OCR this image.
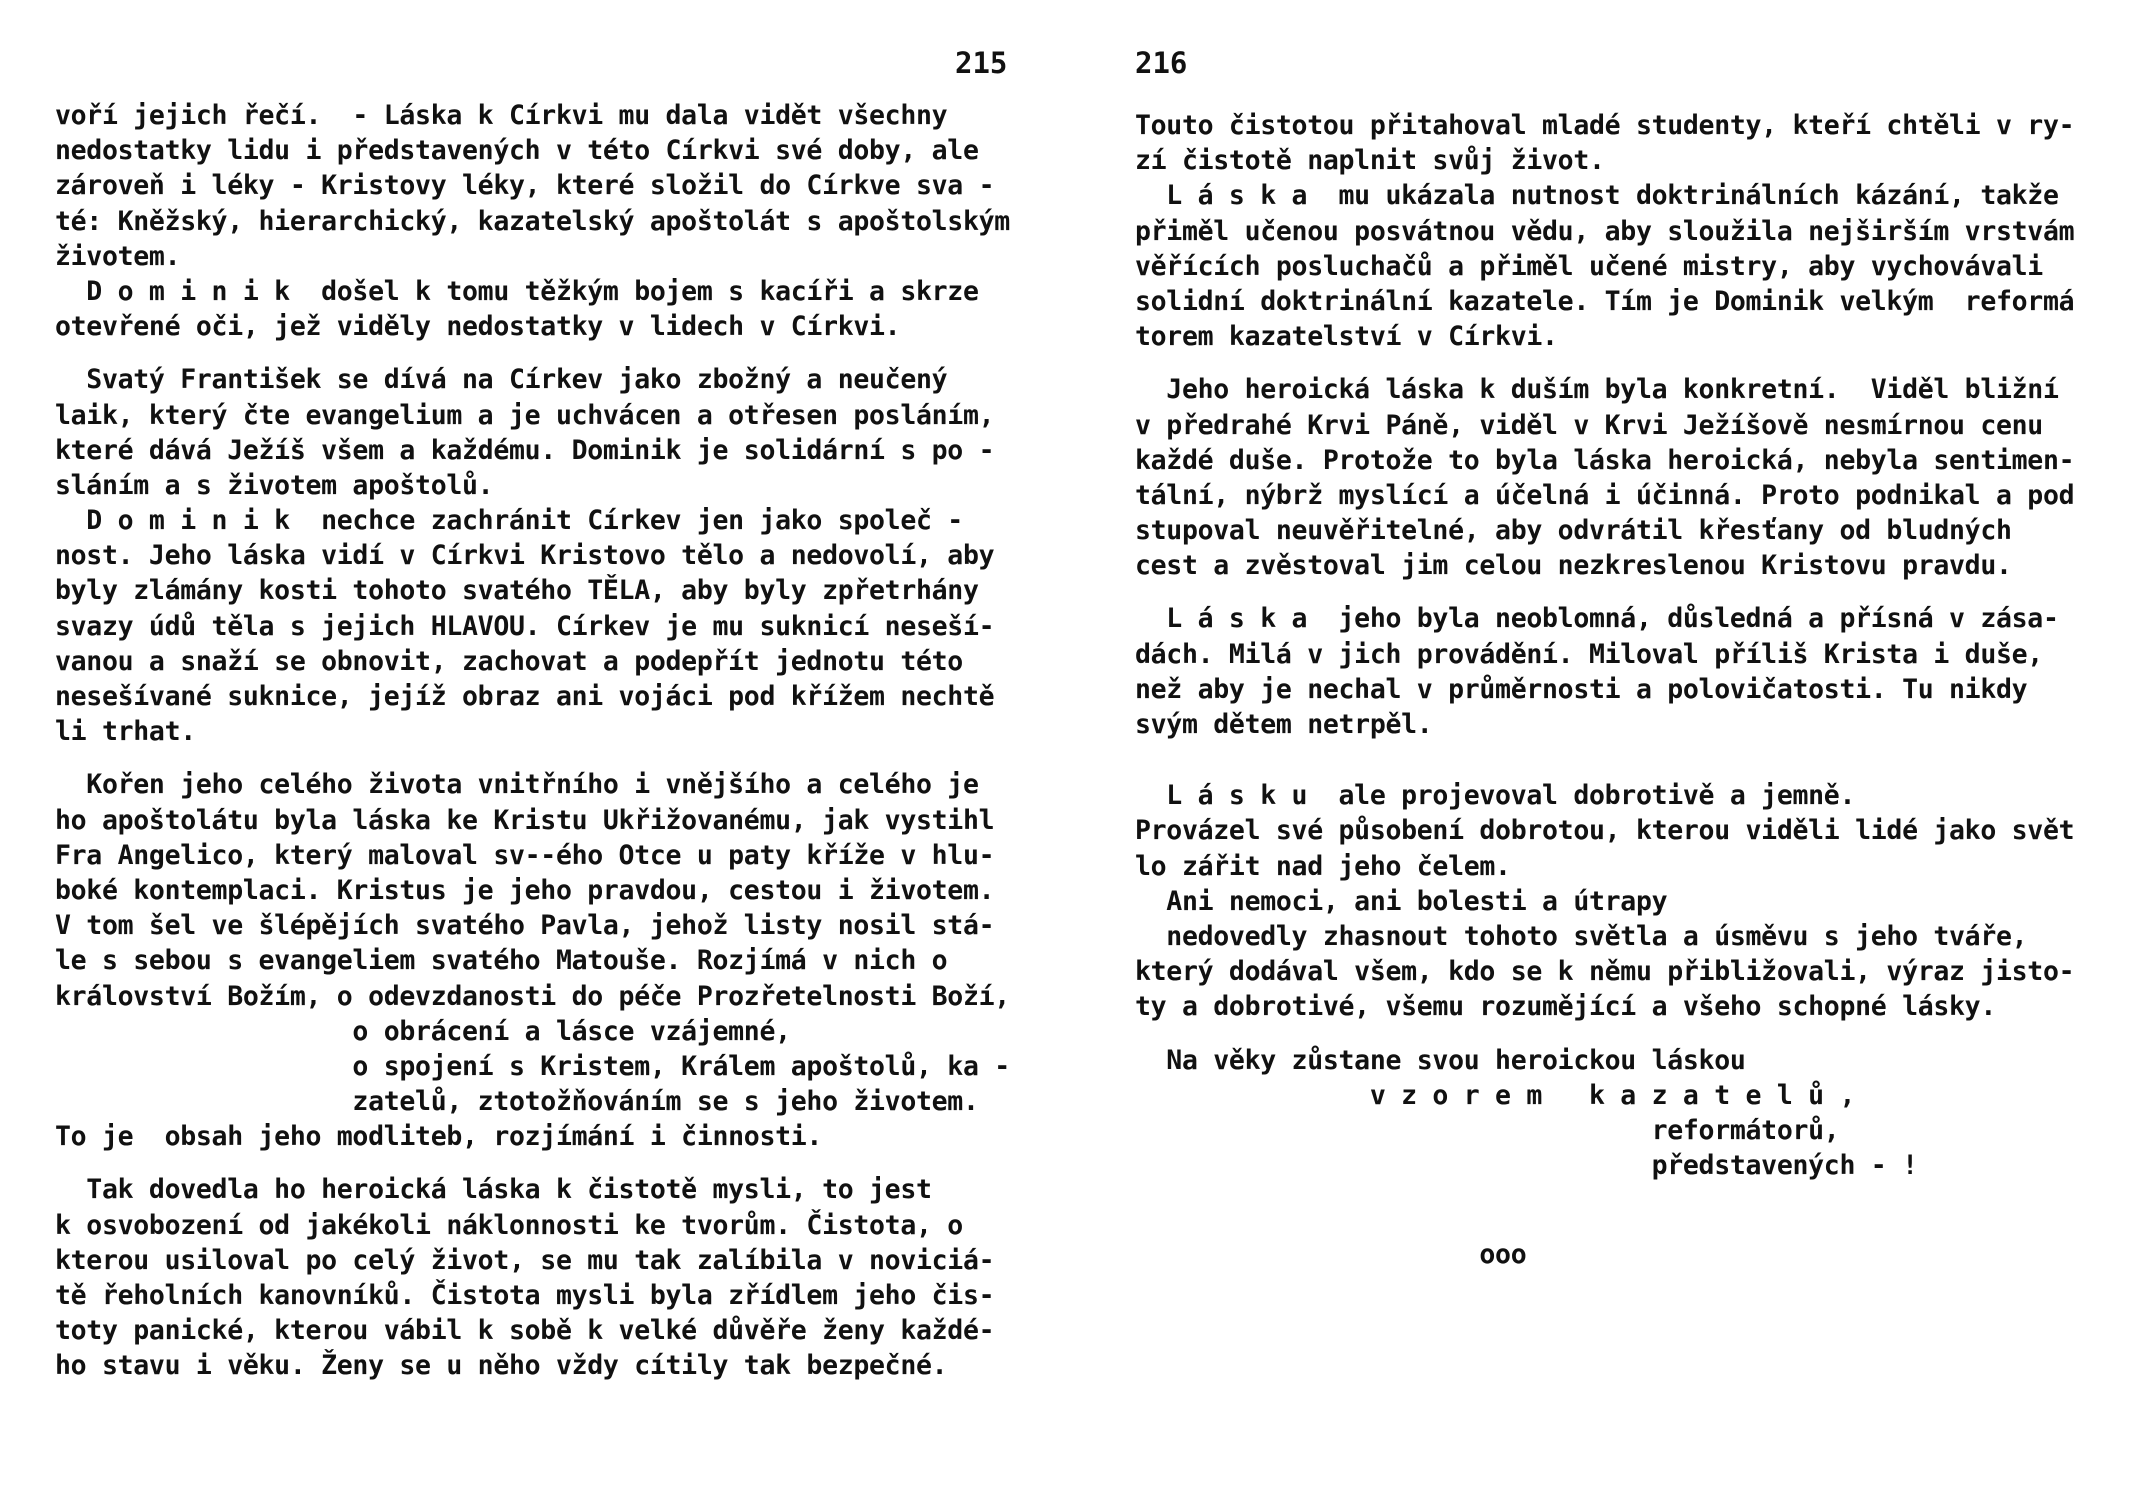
215
voří jejich řečí.  - Láska k Církvi mu dala vidět všechny
nedostatky lidu i představených v této Církvi své doby, ale
zároveň i léky - Kristovy léky, které složil do Církve sva -
té: Kněžský, hierarchický, kazatelský apoštolát s apoštolským
životem.
D o m i n i k  došel k tomu těžkým bojem s kacíři a skrze
otevřené oči, jež viděly nedostatky v lidech v Církvi.
Svatý František se dívá na Církev jako zbožný a neučený
laik, který čte evangelium a je uchvácen a otřesen posláním,
které dává Ježíš všem a každému. Dominik je solidární s po -
sláním a s životem apoštolů.
D o m i n i k  nechce zachránit Církev jen jako společ -
nost. Jeho láska vidí v Církvi Kristovo tělo a nedovolí, aby
byly zlámány kosti tohoto svatého TĚLA, aby byly zpřetrhány
svazy údů těla s jejich HLAVOU. Církev je mu suknicí neseší-
vanou a snaží se obnovit, zachovat a podepřít jednotu této
nesešívané suknice, jejíž obraz ani vojáci pod křížem nechtě
li trhat.
Kořen jeho celého života vnitřního i vnějšího a celého je
ho apoštolátu byla láska ke Kristu Ukřižovanému, jak vystihl
Fra Angelico, který maloval sv--ého Otce u paty kříže v hlu-
boké kontemplaci. Kristus je jeho pravdou, cestou i životem.
V tom šel ve šlépějích svatého Pavla, jehož listy nosil stá-
le s sebou s evangeliem svatého Matouše. Rozjímá v nich o
království Božím, o odevzdanosti do péče Prozřetelnosti Boží,
o obrácení a lásce vzájemné,
o spojení s Kristem, Králem apoštolů, ka -
zatelů, ztotožňováním se s jeho životem.
To je  obsah jeho modliteb, rozjímání i činnosti.
Tak dovedla ho heroická láska k čistotě mysli, to jest
k osvobození od jakékoli náklonnosti ke tvorům. Čistota, o
kterou usiloval po celý život, se mu tak zalíbila v noviciá-
tě řeholních kanovníků. Čistota mysli byla zřídlem jeho čis-
toty panické, kterou vábil k sobě k velké důvěře ženy každé-
ho stavu i věku. Ženy se u něho vždy cítily tak bezpečné.
216
Touto čistotou přitahoval mladé studenty, kteří chtěli v ry-
zí čistotě naplnit svůj život.
L á s k a  mu ukázala nutnost doktrinálních kázání, takže
přiměl učenou posvátnou vědu, aby sloužila nejširším vrstvám
věřících posluchačů a přiměl učené mistry, aby vychovávali
solidní doktrinální kazatele. Tím je Dominik velkým  reformá
torem kazatelství v Církvi.
Jeho heroická láska k duším byla konkretní.  Viděl bližní
v předrahé Krvi Páně, viděl v Krvi Ježíšově nesmírnou cenu
každé duše. Protože to byla láska heroická, nebyla sentimen-
tální, nýbrž myslící a účelná i účinná. Proto podnikal a pod
stupoval neuvěřitelné, aby odvrátil křesťany od bludných
cest a zvěstoval jim celou nezkreslenou Kristovu pravdu.
L á s k a  jeho byla neoblomná, důsledná a přísná v zása-
dách. Milá v jich provádění. Miloval příliš Krista i duše,
než aby je nechal v průměrnosti a polovičatosti. Tu nikdy
svým dětem netrpěl.
L á s k u  ale projevoval dobrotivě a jemně.
Provázel své působení dobrotou, kterou viděli lidé jako svět
lo zářit nad jeho čelem.
Ani nemoci, ani bolesti a útrapy
nedovedly zhasnout tohoto světla a úsměvu s jeho tváře,
který dodával všem, kdo se k němu přibližovali, výraz jisto-
ty a dobrotivé, všemu rozumějící a všeho schopné lásky.
Na věky zůstane svou heroickou láskou
v z o r e m   k a z a t e l ů ,
reformátorů,
představených - !
ooo
